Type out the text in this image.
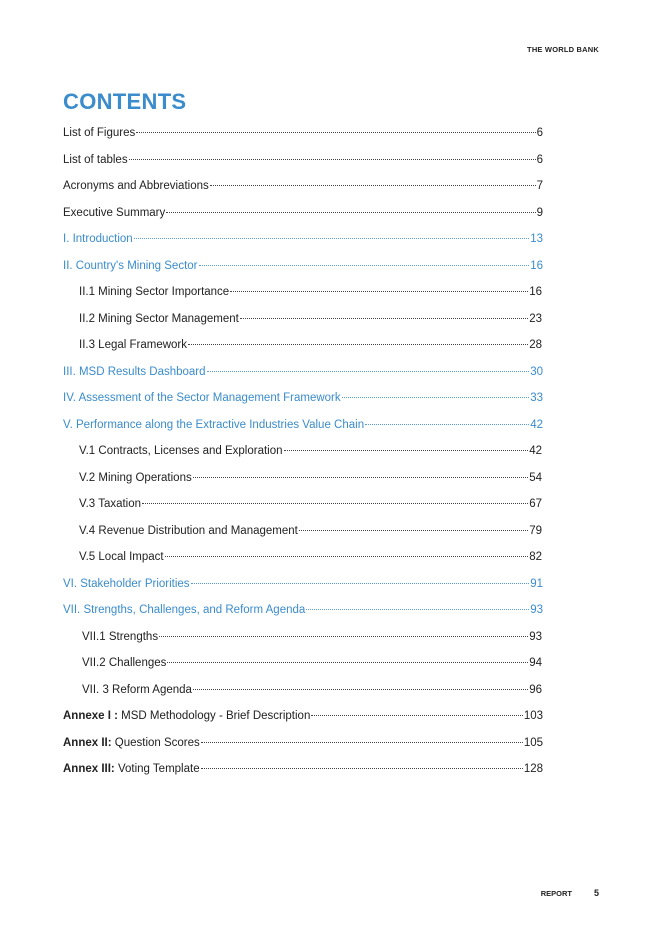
THE WORLD BANK
CONTENTS
List of Figures	6
List of tables	6
Acronyms and Abbreviations	7
Executive Summary	9
I. Introduction	13
II. Country's Mining Sector	16
II.1 Mining Sector Importance	16
II.2 Mining Sector Management	23
II.3 Legal Framework	28
III. MSD Results Dashboard	30
IV. Assessment of the Sector Management Framework	33
V. Performance along the Extractive Industries Value Chain	42
V.1 Contracts, Licenses and Exploration	42
V.2 Mining Operations	54
V.3 Taxation	67
V.4 Revenue Distribution and Management	79
V.5 Local Impact	82
VI. Stakeholder Priorities	91
VII. Strengths, Challenges, and Reform Agenda	93
VII.1 Strengths	93
VII.2 Challenges	94
VII. 3 Reform Agenda	96
Annexe I : MSD Methodology - Brief Description	103
Annex II: Question Scores	105
Annex III: Voting Template	128
REPORT 5
